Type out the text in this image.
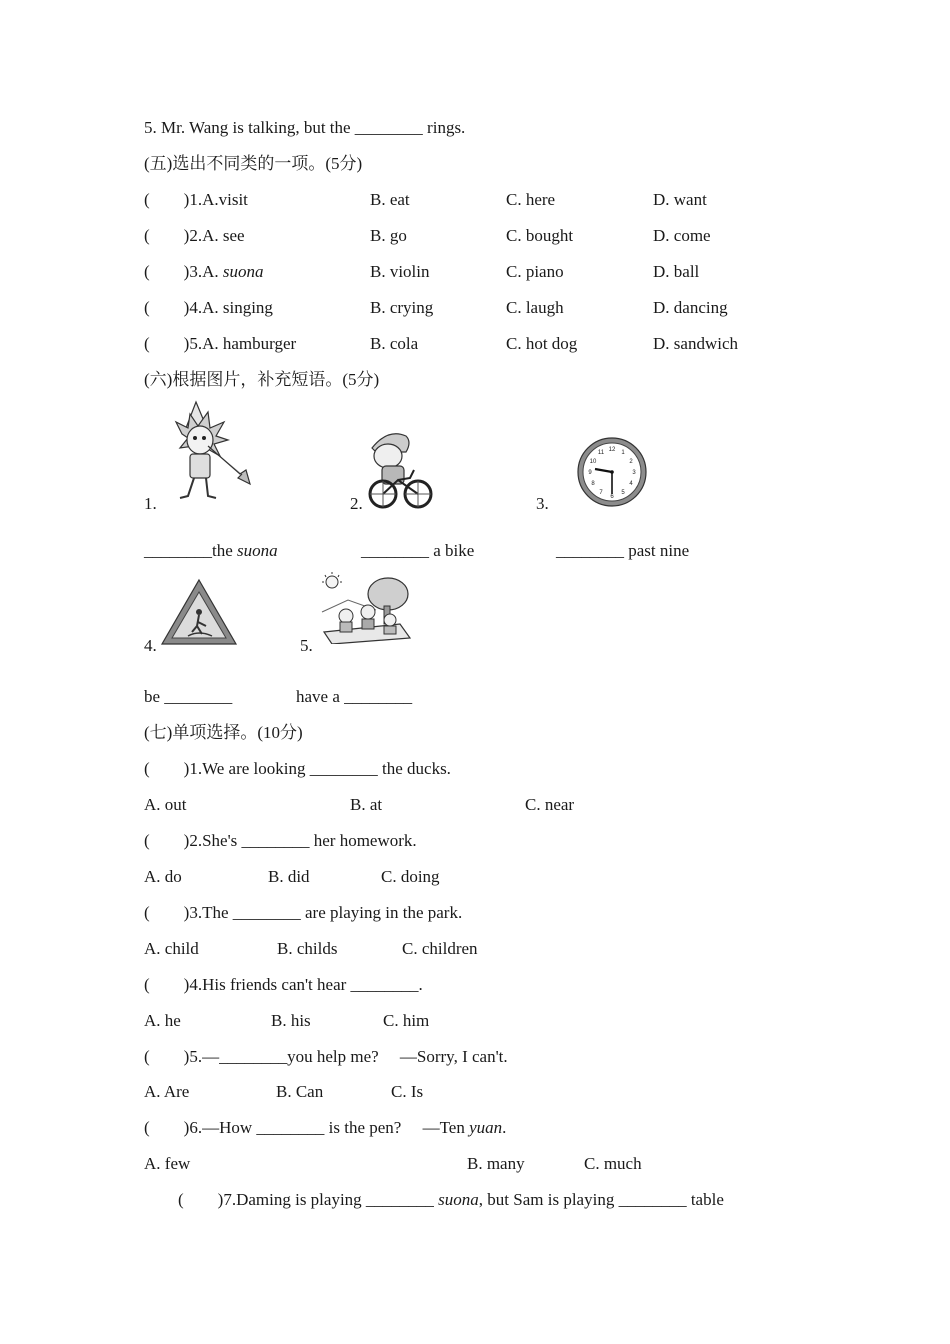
5. Mr. Wang is talking, but the ________ rings.
(五)选出不同类的一项。(5分)
(　　)1.A.visit	B. eat	C. here	D. want
(　　)2.A. see	B. go	C. bought	D. come
(　　)3.A. suona	B. violin	C. piano	D. ball
(　　)4.A. singing	B. crying	C. laugh	D. dancing
(　　)5.A. hamburger	B. cola	C. hot dog	D. sandwich
(六)根据图片，补充短语。(5分)
1.	2.	3.
12 1
2
3
4
5
6
7
8
9
10
11
________the suona	________ a bike	________ past nine
4.	5.
be ________	have a ________
(七)单项选择。(10分)
(　　)1.We are looking ________ the ducks.
A. out	B. at	C. near
(　　)2.She's ________ her homework.
A. do	B. did	C. doing
(　　)3.The ________ are playing in the park.
A. child	B. childs	C. children
(　　)4.His friends can't hear ________.
A. he	B. his	C. him
(　　)5.—________you help me?　 —Sorry, I can't.
A. Are	B. Can	C. Is
(　　)6.—How ________ is the pen?　 —Ten yuan.
A. few	B. many	C. much
(　　)7.Daming is playing ________ suona, but Sam is playing ________ table
